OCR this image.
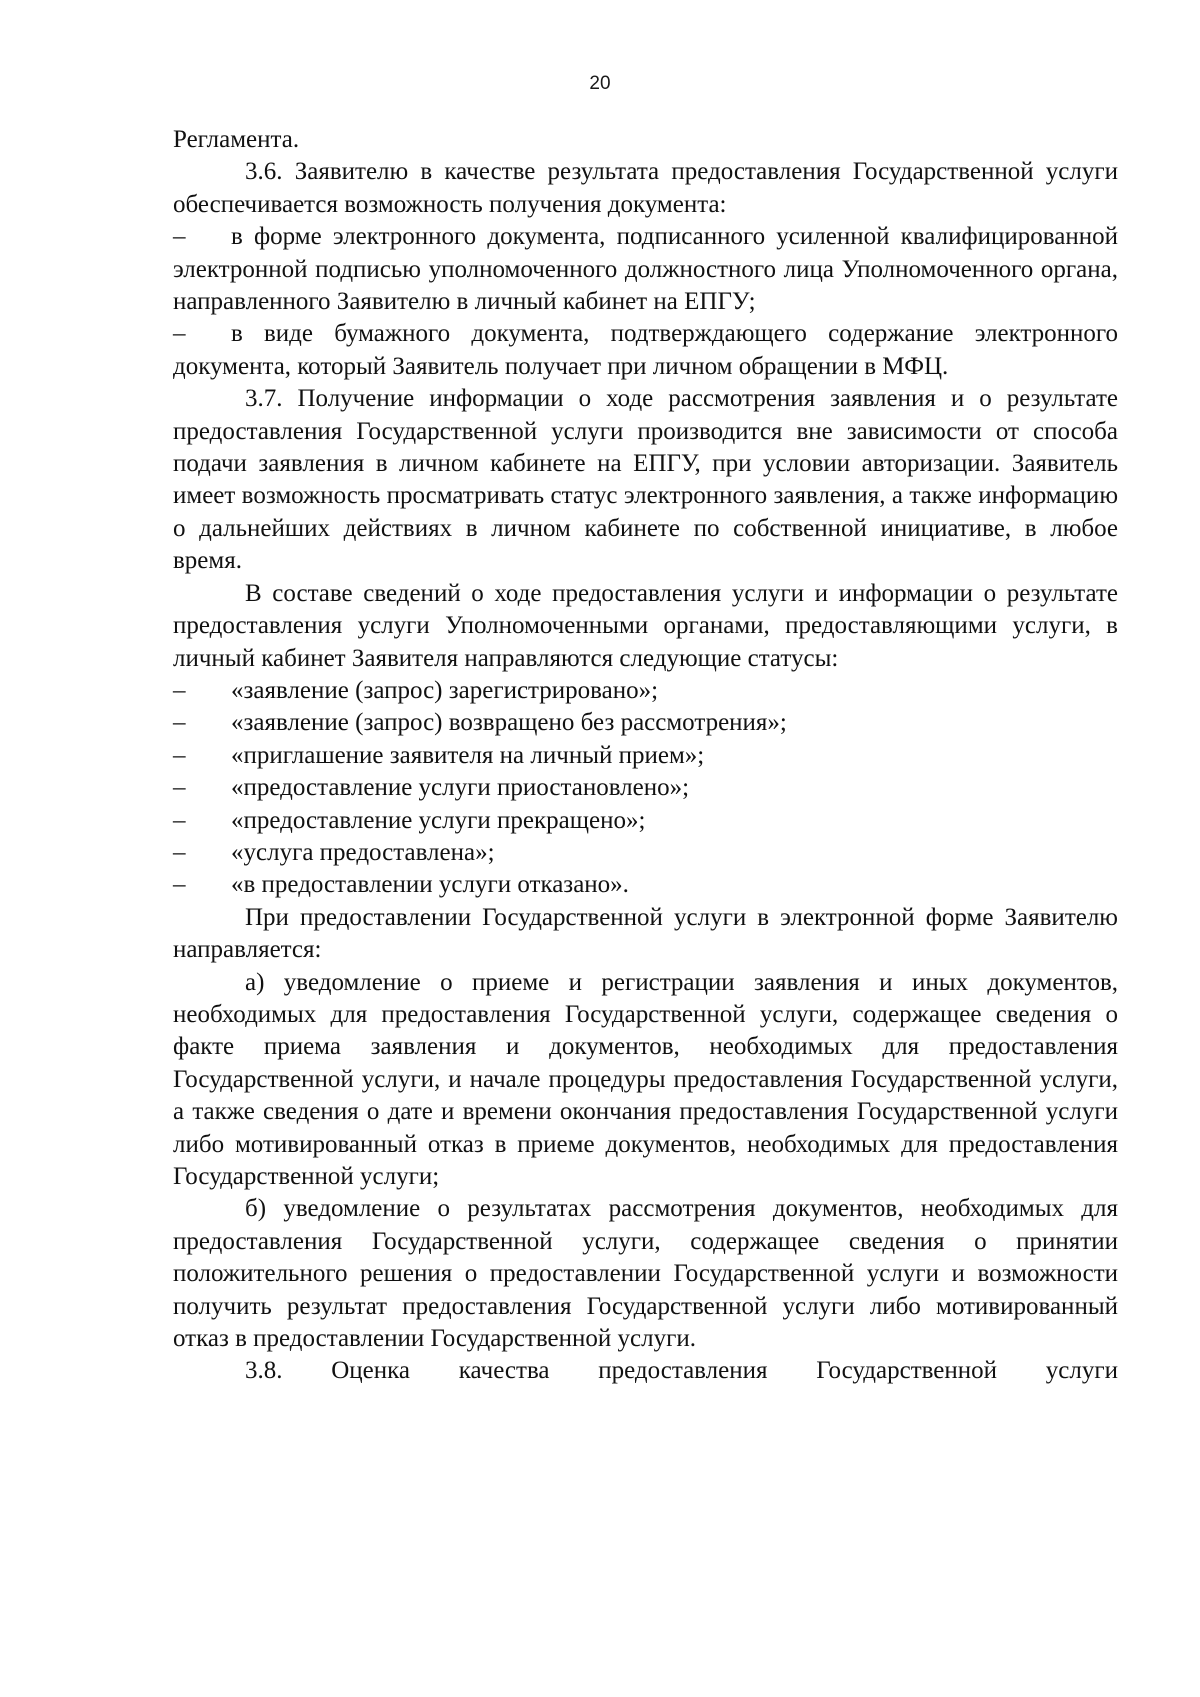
20

Регламента.

3.6. Заявителю в качестве результата предоставления Государственной услуги обеспечивается возможность получения документа:

– в форме электронного документа, подписанного усиленной квалифицированной электронной подписью уполномоченного должностного лица Уполномоченного органа, направленного Заявителю в личный кабинет на ЕПГУ;

– в виде бумажного документа, подтверждающего содержание электронного документа, который Заявитель получает при личном обращении в МФЦ.

3.7. Получение информации о ходе рассмотрения заявления и о результате предоставления Государственной услуги производится вне зависимости от способа подачи заявления в личном кабинете на ЕПГУ, при условии авторизации. Заявитель имеет возможность просматривать статус электронного заявления, а также информацию о дальнейших действиях в личном кабинете по собственной инициативе, в любое время.

В составе сведений о ходе предоставления услуги и информации о результате предоставления услуги Уполномоченными органами, предоставляющими услуги, в личный кабинет Заявителя направляются следующие статусы:

– «заявление (запрос) зарегистрировано»;

– «заявление (запрос) возвращено без рассмотрения»;

– «приглашение заявителя на личный прием»;

– «предоставление услуги приостановлено»;

– «предоставление услуги прекращено»;

– «услуга предоставлена»;

– «в предоставлении услуги отказано».

При предоставлении Государственной услуги в электронной форме Заявителю направляется:

а) уведомление о приеме и регистрации заявления и иных документов, необходимых для предоставления Государственной услуги, содержащее сведения о факте приема заявления и документов, необходимых для предоставления Государственной услуги, и начале процедуры предоставления Государственной услуги, а также сведения о дате и времени окончания предоставления Государственной услуги либо мотивированный отказ в приеме документов, необходимых для предоставления Государственной услуги;

б) уведомление о результатах рассмотрения документов, необходимых для предоставления Государственной услуги, содержащее сведения о принятии положительного решения о предоставлении Государственной услуги и возможности получить результат предоставления Государственной услуги либо мотивированный отказ в предоставлении Государственной услуги.

3.8. Оценка качества предоставления Государственной услуги
